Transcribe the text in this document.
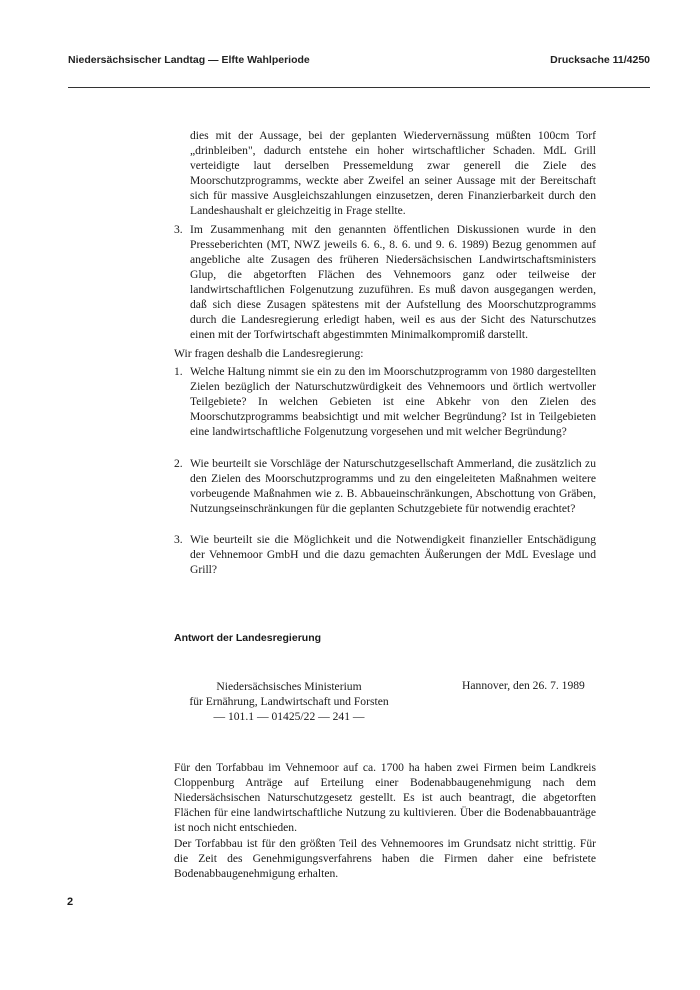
Niedersächsischer Landtag — Elfte Wahlperiode	Drucksache 11/4250
dies mit der Aussage, bei der geplanten Wiedervernässung müßten 100cm Torf „drinbleiben", dadurch entstehe ein hoher wirtschaftlicher Schaden. MdL Grill verteidigte laut derselben Pressemeldung zwar generell die Ziele des Moorschutzprogramms, weckte aber Zweifel an seiner Aussage mit der Bereitschaft sich für massive Ausgleichszahlungen einzusetzen, deren Finanzierbarkeit durch den Landeshaushalt er gleichzeitig in Frage stellte.
3. Im Zusammenhang mit den genannten öffentlichen Diskussionen wurde in den Presseberichten (MT, NWZ jeweils 6. 6., 8. 6. und 9. 6. 1989) Bezug genommen auf angebliche alte Zusagen des früheren Niedersächsischen Landwirtschaftsministers Glup, die abgetorften Flächen des Vehnemoors ganz oder teilweise der landwirtschaftlichen Folgenutzung zuzuführen. Es muß davon ausgegangen werden, daß sich diese Zusagen spätestens mit der Aufstellung des Moorschutzprogramms durch die Landesregierung erledigt haben, weil es aus der Sicht des Naturschutzes einen mit der Torfwirtschaft abgestimmten Minimalkompromiß darstellt.
Wir fragen deshalb die Landesregierung:
1. Welche Haltung nimmt sie ein zu den im Moorschutzprogramm von 1980 dargestellten Zielen bezüglich der Naturschutzwürdigkeit des Vehnemoors und örtlich wertvoller Teilgebiete? In welchen Gebieten ist eine Abkehr von den Zielen des Moorschutzprogramms beabsichtigt und mit welcher Begründung? Ist in Teilgebieten eine landwirtschaftliche Folgenutzung vorgesehen und mit welcher Begründung?
2. Wie beurteilt sie Vorschläge der Naturschutzgesellschaft Ammerland, die zusätzlich zu den Zielen des Moorschutzprogramms und zu den eingeleiteten Maßnahmen weitere vorbeugende Maßnahmen wie z. B. Abbaueinschränkungen, Abschottung von Gräben, Nutzungseinschränkungen für die geplanten Schutzgebiete für notwendig erachtet?
3. Wie beurteilt sie die Möglichkeit und die Notwendigkeit finanzieller Entschädigung der Vehnemoor GmbH und die dazu gemachten Äußerungen der MdL Eveslage und Grill?
Antwort der Landesregierung
Niedersächsisches Ministerium
für Ernährung, Landwirtschaft und Forsten
— 101.1 — 01425/22 — 241 —
Hannover, den 26. 7. 1989
Für den Torfabbau im Vehnemoor auf ca. 1700 ha haben zwei Firmen beim Landkreis Cloppenburg Anträge auf Erteilung einer Bodenabbaugenehmigung nach dem Niedersächsischen Naturschutzgesetz gestellt. Es ist auch beantragt, die abgetorften Flächen für eine landwirtschaftliche Nutzung zu kultivieren. Über die Bodenabbauanträge ist noch nicht entschieden.
Der Torfabbau ist für den größten Teil des Vehnemoores im Grundsatz nicht strittig. Für die Zeit des Genehmigungsverfahrens haben die Firmen daher eine befristete Bodenabbaugenehmigung erhalten.
2
